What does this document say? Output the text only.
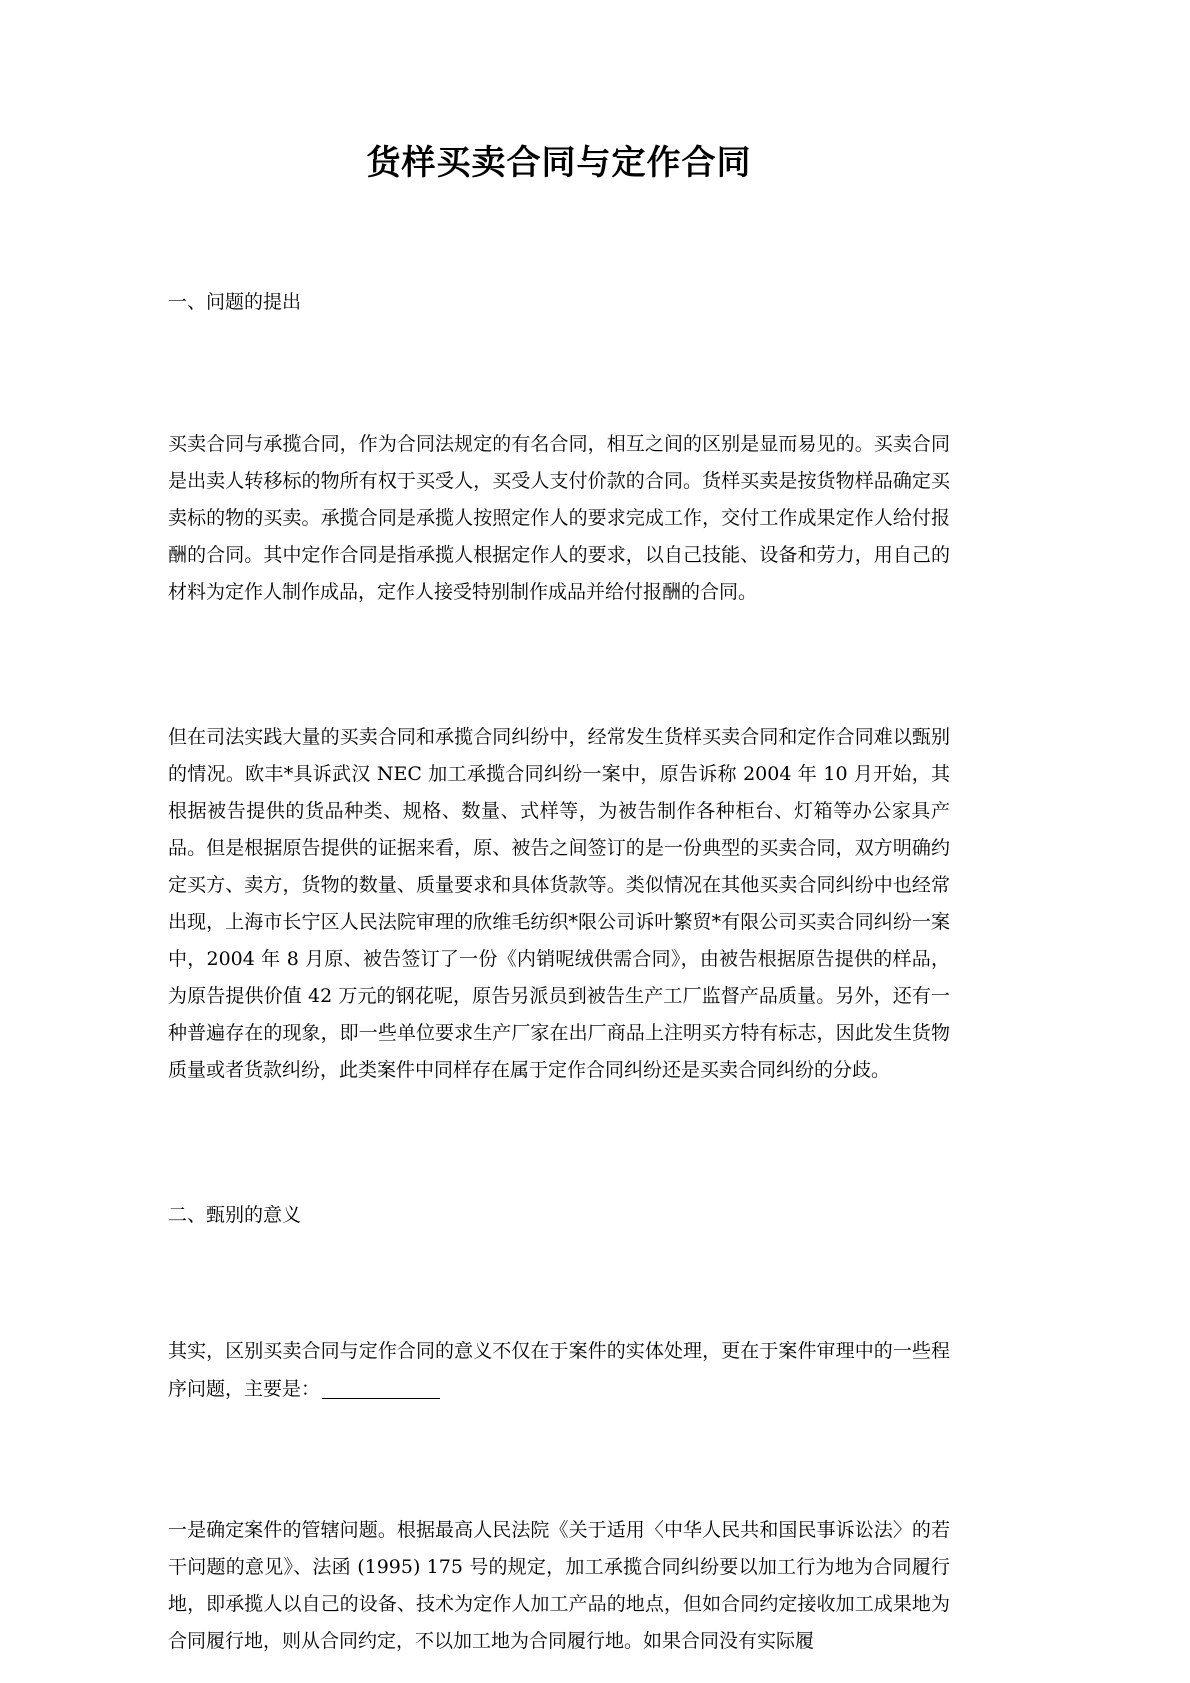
货样买卖合同与定作合同

一、问题的提出

买卖合同与承揽合同，作为合同法规定的有名合同，相互之间的区别是显而易见的。买卖合同是出卖人转移标的物所有权于买受人，买受人支付价款的合同。货样买卖是按货物样品确定买卖标的物的买卖。承揽合同是承揽人按照定作人的要求完成工作，交付工作成果定作人给付报酬的合同。其中定作合同是指承揽人根据定作人的要求，以自己技能、设备和劳力，用自己的材料为定作人制作成品，定作人接受特别制作成品并给付报酬的合同。

但在司法实践大量的买卖合同和承揽合同纠纷中，经常发生货样买卖合同和定作合同难以甄别的情况。欧丰*具诉武汉 NEC 加工承揽合同纠纷一案中，原告诉称 2004 年 10 月开始，其根据被告提供的货品种类、规格、数量、式样等，为被告制作各种柜台、灯箱等办公家具产品。但是根据原告提供的证据来看，原、被告之间签订的是一份典型的买卖合同，双方明确约定买方、卖方，货物的数量、质量要求和具体货款等。类似情况在其他买卖合同纠纷中也经常出现，上海市长宁区人民法院审理的欣维毛纺织*限公司诉叶繁贸*有限公司买卖合同纠纷一案中，2004 年 8 月原、被告签订了一份《内销呢绒供需合同》，由被告根据原告提供的样品，为原告提供价值 42 万元的钢花呢，原告另派员到被告生产工厂监督产品质量。另外，还有一种普遍存在的现象，即一些单位要求生产厂家在出厂商品上注明买方特有标志，因此发生货物质量或者货款纠纷，此类案件中同样存在属于定作合同纠纷还是买卖合同纠纷的分歧。

二、甄别的意义

其实，区别买卖合同与定作合同的意义不仅在于案件的实体处理，更在于案件审理中的一些程序问题，主要是：

一是确定案件的管辖问题。根据最高人民法院《关于适用〈中华人民共和国民事诉讼法〉的若干问题的意见》、法函 (1995) 175 号的规定，加工承揽合同纠纷要以加工行为地为合同履行地，即承揽人以自己的设备、技术为定作人加工产品的地点，但如合同约定接收加工成果地为合同履行地，则从合同约定，不以加工地为合同履行地。如果合同没有实际履
